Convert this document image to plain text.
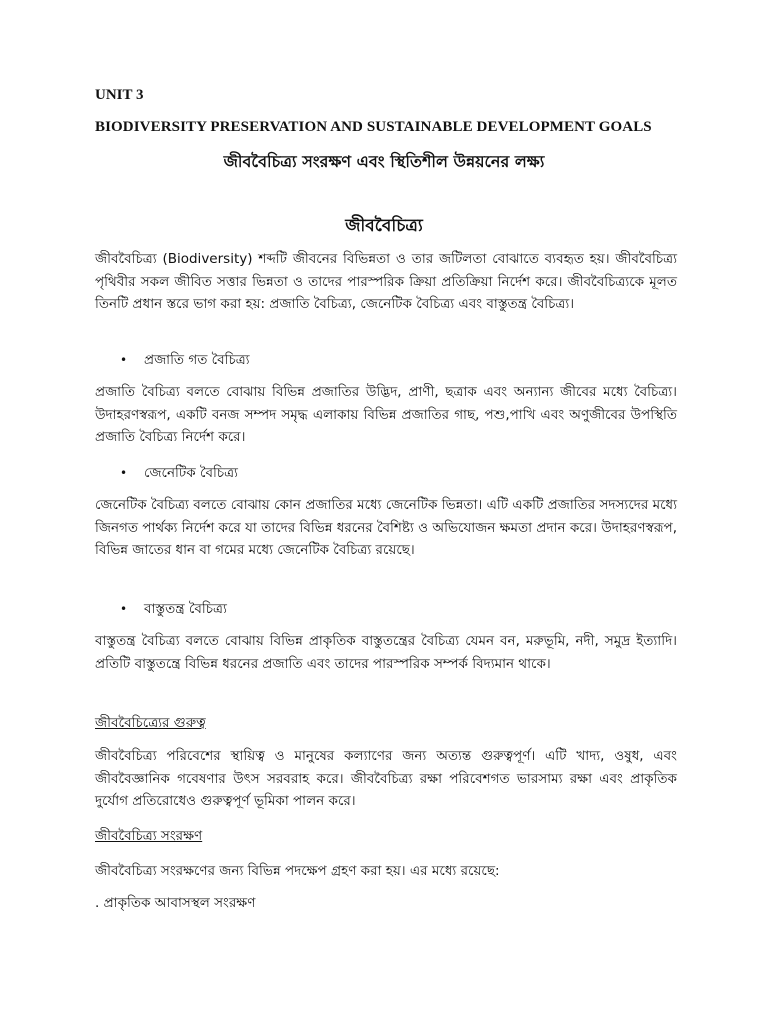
UNIT 3
BIODIVERSITY PRESERVATION AND SUSTAINABLE DEVELOPMENT GOALS
জীববৈচিত্র্য সংরক্ষণ এবং স্থিতিশীল উন্নয়নের লক্ষ্য
জীববৈচিত্র্য
জীববৈচিত্র্য (Biodiversity) শব্দটি জীবনের বিভিন্নতা ও তার জটিলতা বোঝাতে ব্যবহৃত হয়। জীববৈচিত্র্য পৃথিবীর সকল জীবিত সত্তার ভিন্নতা ও তাদের পারস্পরিক ক্রিয়া প্রতিক্রিয়া নির্দেশ করে। জীববৈচিত্র্যকে মূলত তিনটি প্রধান স্তরে ভাগ করা হয়: প্রজাতি বৈচিত্র্য, জেনেটিক বৈচিত্র্য এবং বাস্তুতন্ত্র বৈচিত্র্য।
• প্রজাতি গত বৈচিত্র্য
প্রজাতি বৈচিত্র্য বলতে বোঝায় বিভিন্ন প্রজাতির উদ্ভিদ, প্রাণী, ছত্রাক এবং অন্যান্য জীবের মধ্যে বৈচিত্র্য। উদাহরণস্বরূপ, একটি বনজ সম্পদ সমৃদ্ধ এলাকায় বিভিন্ন প্রজাতির গাছ, পশু,পাখি এবং অণুজীবের উপস্থিতি প্রজাতি বৈচিত্র্য নির্দেশ করে।
• জেনেটিক বৈচিত্র্য
জেনেটিক বৈচিত্র্য বলতে বোঝায় কোন প্রজাতির মধ্যে জেনেটিক ভিন্নতা। এটি একটি প্রজাতির সদস্যদের মধ্যে জিনগত পার্থক্য নির্দেশ করে যা তাদের বিভিন্ন ধরনের বৈশিষ্ট্য ও অভিযোজন ক্ষমতা প্রদান করে। উদাহরণস্বরূপ, বিভিন্ন জাতের ধান বা গমের মধ্যে জেনেটিক বৈচিত্র্য রয়েছে।
• বাস্তুতন্ত্র বৈচিত্র্য
বাস্তুতন্ত্র বৈচিত্র্য বলতে বোঝায় বিভিন্ন প্রাকৃতিক বাস্তুতন্ত্রের বৈচিত্র্য যেমন বন, মরুভূমি, নদী, সমুদ্র ইত্যাদি। প্রতিটি বাস্তুতন্ত্রে বিভিন্ন ধরনের প্রজাতি এবং তাদের পারস্পরিক সম্পর্ক বিদ্যমান থাকে।
জীববৈচিত্র্যের গুরুত্ব
জীববৈচিত্র্য পরিবেশের স্থায়িত্ব ও মানুষের কল্যাণের জন্য অত্যন্ত গুরুত্বপূর্ণ। এটি খাদ্য, ওষুধ, এবং জীববৈজ্ঞানিক গবেষণার উৎস সরবরাহ করে। জীববৈচিত্র্য রক্ষা পরিবেশগত ভারসাম্য রক্ষা এবং প্রাকৃতিক দুর্যোগ প্রতিরোধেও গুরুত্বপূর্ণ ভূমিকা পালন করে।
জীববৈচিত্র্য সংরক্ষণ
জীববৈচিত্র্য সংরক্ষণের জন্য বিভিন্ন পদক্ষেপ গ্রহণ করা হয়। এর মধ্যে রয়েছে:
. প্রাকৃতিক আবাসস্থল সংরক্ষণ
